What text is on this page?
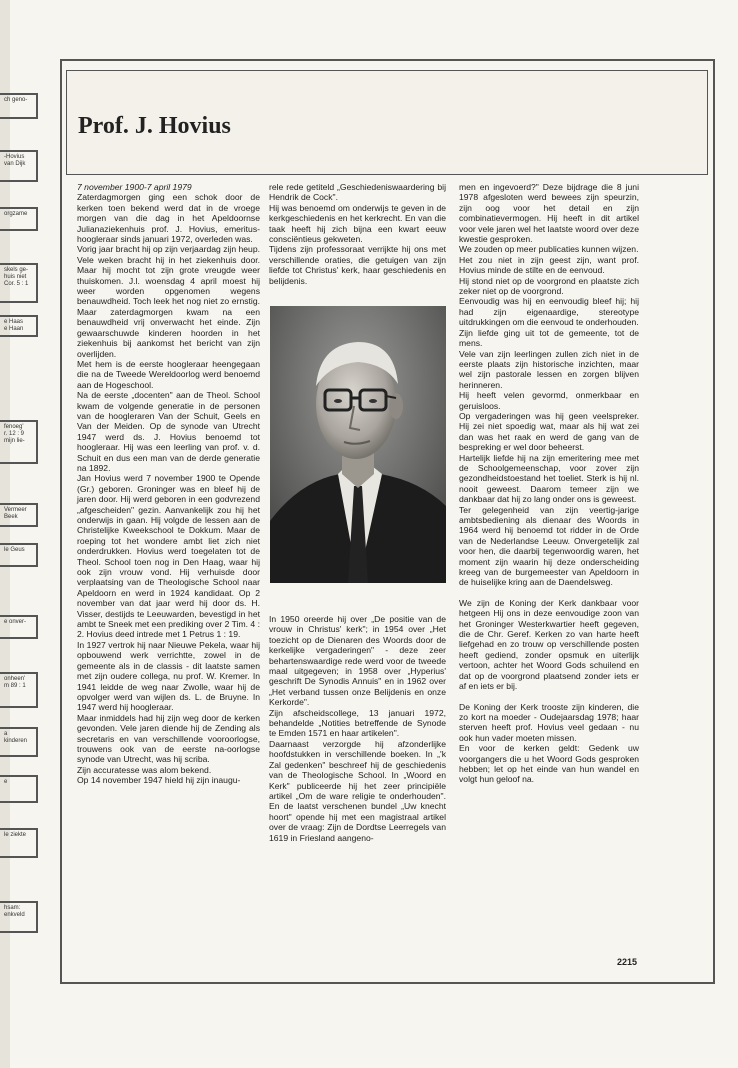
ch geno-
-Hovius
van Dijk
orgzame
skels ge-
huis niet
Cor. 5 : 1
e Haas
e Haan
fenoeg'
r. 12 : 9
mijn lie-
Vermeer
Beek
le Geus
e onver-
onheen'
m 89 : 1
a
kinderen
e
le ziekte
hsam:
enkveld
Prof. J. Hovius

7 november 1900-7 april 1979

Zaterdagmorgen ging een schok door de kerken toen bekend werd dat in de vroege morgen van die dag in het Apeldoornse Julianaziekenhuis prof. J. Hovius, emeritus-hoogleraar sinds januari 1972, overleden was.

Vorig jaar bracht hij op zijn verjaardag zijn heup. Vele weken bracht hij in het ziekenhuis door. Maar hij mocht tot zijn grote vreugde weer thuiskomen. J.l. woensdag 4 april moest hij weer worden opgenomen wegens benauwdheid. Toch leek het nog niet zo ernstig. Maar zaterdagmorgen kwam na een benauwdheid vrij onverwacht het einde. Zijn gewaarschuwde kinderen hoorden in het ziekenhuis bij aankomst het bericht van zijn overlijden.

Met hem is de eerste hoogleraar heengegaan die na de Tweede Wereldoorlog werd benoemd aan de Hogeschool.

Na de eerste „docenten" aan de Theol. School kwam de volgende generatie in de personen van de hoogleraren Van der Schuit, Geels en Van der Meiden. Op de synode van Utrecht 1947 werd ds. J. Hovius benoemd tot hoogleraar. Hij was een leerling van prof. v. d. Schuit en dus een man van de derde generatie na 1892.

Jan Hovius werd 7 november 1900 te Opende (Gr.) geboren. Groninger was en bleef hij de jaren door. Hij werd geboren in een godvrezend „afgescheiden" gezin. Aanvankelijk zou hij het onderwijs in gaan. Hij volgde de lessen aan de Christelijke Kweekschool te Dokkum. Maar de roeping tot het wondere ambt liet zich niet onderdrukken. Hovius werd toegelaten tot de Theol. School toen nog in Den Haag, waar hij ook zijn vrouw vond. Hij verhuisde door verplaatsing van de Theologische School naar Apeldoorn en werd in 1924 kandidaat. Op 2 november van dat jaar werd hij door ds. H. Visser, destijds te Leeuwarden, bevestigd in het ambt te Sneek met een prediking over 2 Tim. 4 : 2. Hovius deed intrede met 1 Petrus 1 : 19.

In 1927 vertrok hij naar Nieuwe Pekela, waar hij opbouwend werk verrichtte, zowel in de gemeente als in de classis - dit laatste samen met zijn oudere collega, nu prof. W. Kremer. In 1941 leidde de weg naar Zwolle, waar hij de opvolger werd van wijlen ds. L. de Bruyne. In 1947 werd hij hoogleraar.

Maar inmiddels had hij zijn weg door de kerken gevonden. Vele jaren diende hij de Zending als secretaris en van verschillende vooroorlogse, trouwens ook van de eerste na-oorlogse synode van Utrecht, was hij scriba.

Zijn accuratesse was alom bekend.

Op 14 november 1947 hield hij zijn inaugu-

rele rede getiteld „Geschiedeniswaardering bij Hendrik de Cock".

Hij was benoemd om onderwijs te geven in de kerkgeschiedenis en het kerkrecht. En van die taak heeft hij zich bijna een kwart eeuw consciëntieus gekweten.

Tijdens zijn professoraat verrijkte hij ons met verschillende oraties, die getuigen van zijn liefde tot Christus' kerk, haar geschiedenis en belijdenis.

In 1950 oreerde hij over „De positie van de vrouw in Christus' kerk"; in 1954 over „Het toezicht op de Dienaren des Woords door de kerkelijke vergaderingen" - deze zeer behartenswaardige rede werd voor de tweede maal uitgegeven; in 1958 over „Hyperius' geschrift De Synodis Annuis" en in 1962 over „Het verband tussen onze Belijdenis en onze Kerkorde".

Zijn afscheidscollege, 13 januari 1972, behandelde „Notities betreffende de Synode te Emden 1571 en haar artikelen".

Daarnaast verzorgde hij afzonderlijke hoofdstukken in verschillende boeken. In „'k Zal gedenken" beschreef hij de geschiedenis van de Theologische School. In „Woord en Kerk" publiceerde hij het zeer principiële artikel „Om de ware religie te onderhouden". En de laatst verschenen bundel „Uw knecht hoort" opende hij met een magistraal artikel over de vraag: Zijn de Dordtse Leerregels van 1619 in Friesland aangeno-

men en ingevoerd?" Deze bijdrage die 8 juni 1978 afgesloten werd bewees zijn speurzin, zijn oog voor het detail en zijn combinatievermogen. Hij heeft in dit artikel voor vele jaren wel het laatste woord over deze kwestie gesproken.

We zouden op meer publicaties kunnen wijzen.

Het zou niet in zijn geest zijn, want prof. Hovius minde de stilte en de eenvoud.

Hij stond niet op de voorgrond en plaatste zich zeker niet op de voorgrond.

Eenvoudig was hij en eenvoudig bleef hij; hij had zijn eigenaardige, stereotype uitdrukkingen om die eenvoud te onderhouden.

Zijn liefde ging uit tot de gemeente, tot de mens.

Vele van zijn leerlingen zullen zich niet in de eerste plaats zijn historische inzichten, maar wel zijn pastorale lessen en zorgen blijven herinneren.

Hij heeft velen gevormd, onmerkbaar en geruisloos.

Op vergaderingen was hij geen veelspreker. Hij zei niet spoedig wat, maar als hij wat zei dan was het raak en werd de gang van de bespreking er wel door beheerst.

Hartelijk liefde hij na zijn emeritering mee met de Schoolgemeenschap, voor zover zijn gezondheidstoestand het toeliet. Sterk is hij nl. nooit geweest. Daarom temeer zijn we dankbaar dat hij zo lang onder ons is geweest.

Ter gelegenheid van zijn veertig-jarige ambtsbediening als dienaar des Woords in 1964 werd hij benoemd tot ridder in de Orde van de Nederlandse Leeuw. Onvergetelijk zal voor hen, die daarbij tegenwoordig waren, het moment zijn waarin hij deze onderscheiding kreeg van de burgemeester van Apeldoorn in de huiselijke kring aan de Daendelsweg.

We zijn de Koning der Kerk dankbaar voor hetgeen Hij ons in deze eenvoudige zoon van het Groninger Westerkwartier heeft gegeven, die de Chr. Geref. Kerken zo van harte heeft liefgehad en zo trouw op verschillende posten heeft gediend, zonder opsmuk en uiterlijk vertoon, achter het Woord Gods schuilend en dat op de voorgrond plaatsend zonder iets er af en iets er bij.

De Koning der Kerk trooste zijn kinderen, die zo kort na moeder - Oudejaarsdag 1978; haar sterven heeft prof. Hovius veel gedaan - nu ook hun vader moeten missen.

En voor de kerken geldt: Gedenk uw voorgangers die u het Woord Gods gesproken hebben; let op het einde van hun wandel en volgt hun geloof na.

2215
